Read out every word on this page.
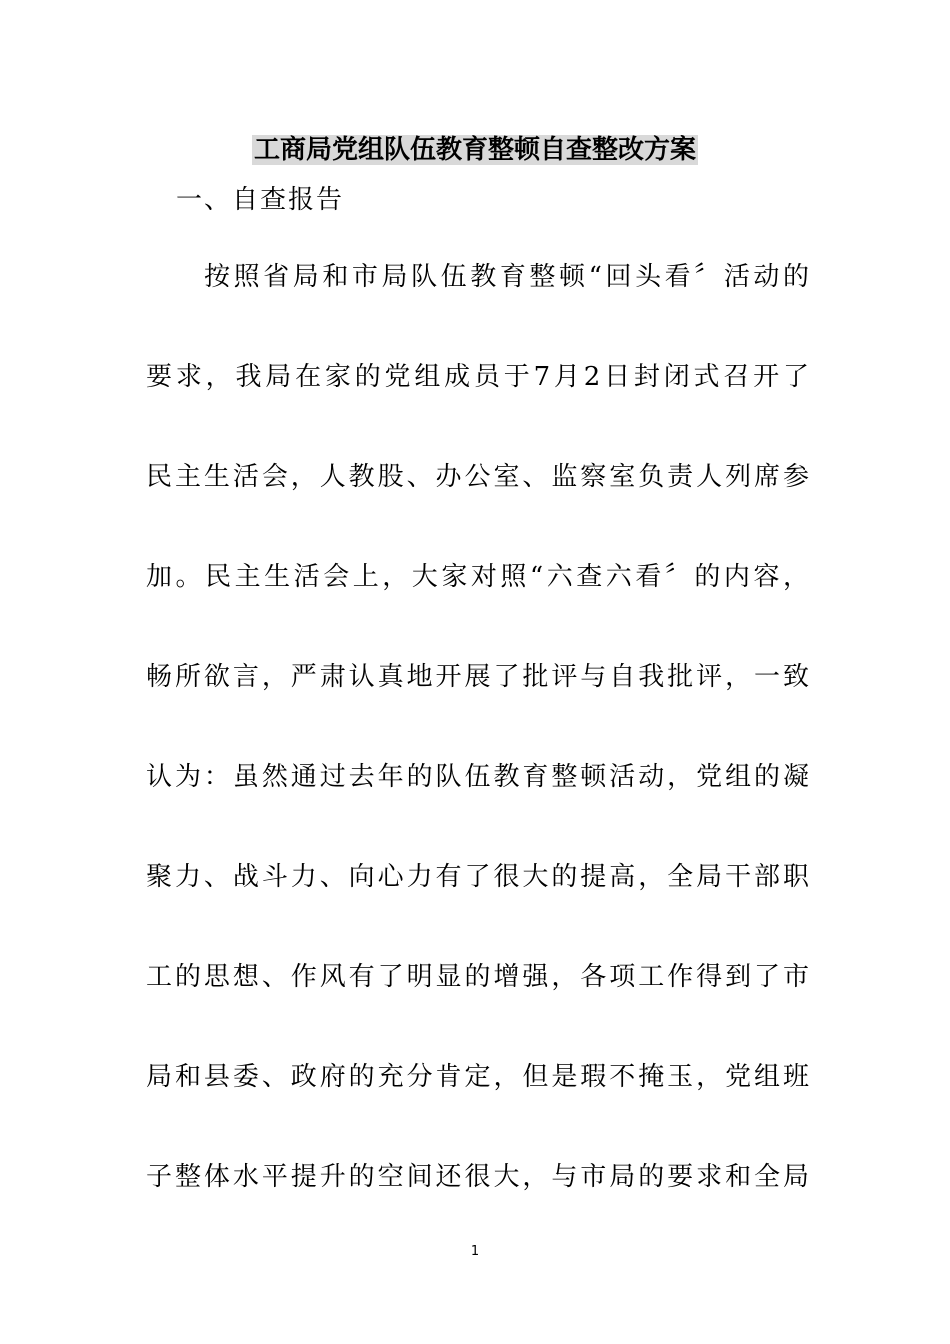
工商局党组队伍教育整顿自查整改方案
一、自查报告
按照省局和市局队伍教育整顿“回头看〞活动的
要求，我局在家的党组成员于7月2日封闭式召开了
民主生活会，人教股、办公室、监察室负责人列席参
加。民主生活会上，大家对照“六查六看〞的内容，
畅所欲言，严肃认真地开展了批评与自我批评，一致
认为：虽然通过去年的队伍教育整顿活动，党组的凝
聚力、战斗力、向心力有了很大的提高，全局干部职
工的思想、作风有了明显的增强，各项工作得到了市
局和县委、政府的充分肯定，但是瑕不掩玉，党组班
子整体水平提升的空间还很大，与市局的要求和全局
1
